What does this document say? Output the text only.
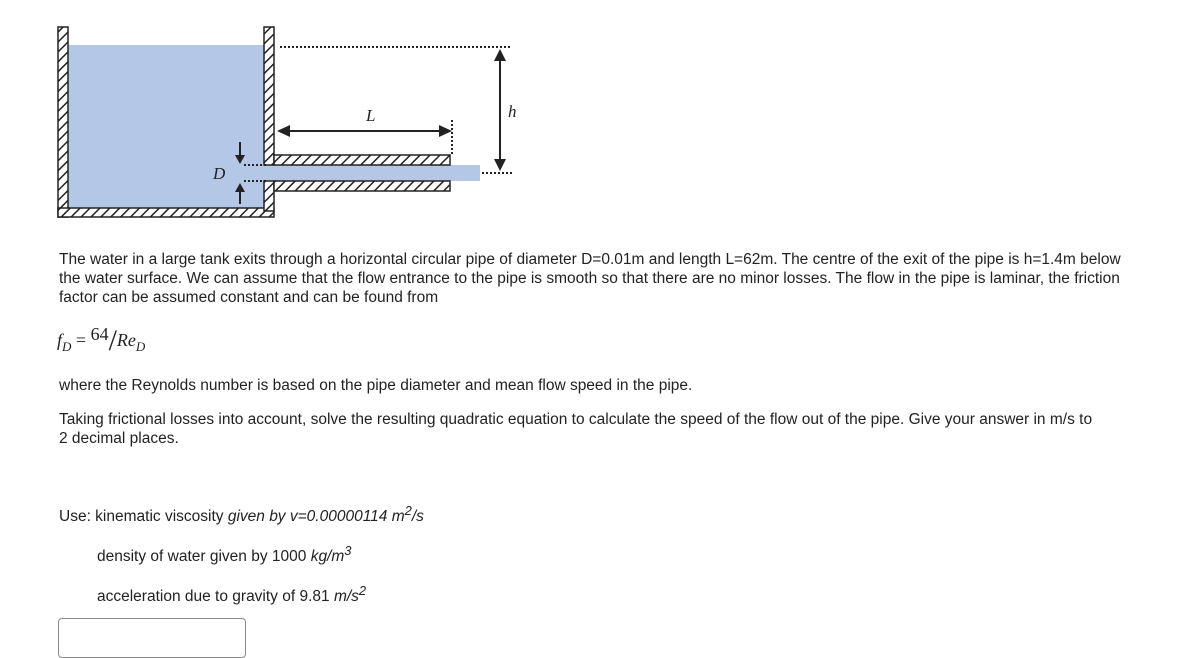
L	h
D

The water in a large tank exits through a horizontal circular pipe of diameter D=0.01m and length L=62m. The centre of the exit of the pipe is h=1.4m below the water surface. We can assume that the flow entrance to the pipe is smooth so that there are no minor losses. The flow in the pipe is laminar, the friction factor can be assumed constant and can be found from

$f_D = 64/Re_D$

where the Reynolds number is based on the pipe diameter and mean flow speed in the pipe.

Taking frictional losses into account, solve the resulting quadratic equation to calculate the speed of the flow out of the pipe. Give your answer in m/s to 2 decimal places.

Use: kinematic viscosity given by v=0.00000114 $m^2/s$
density of water given by 1000 $kg/m^3$
acceleration due to gravity of 9.81 $m/s^2$
